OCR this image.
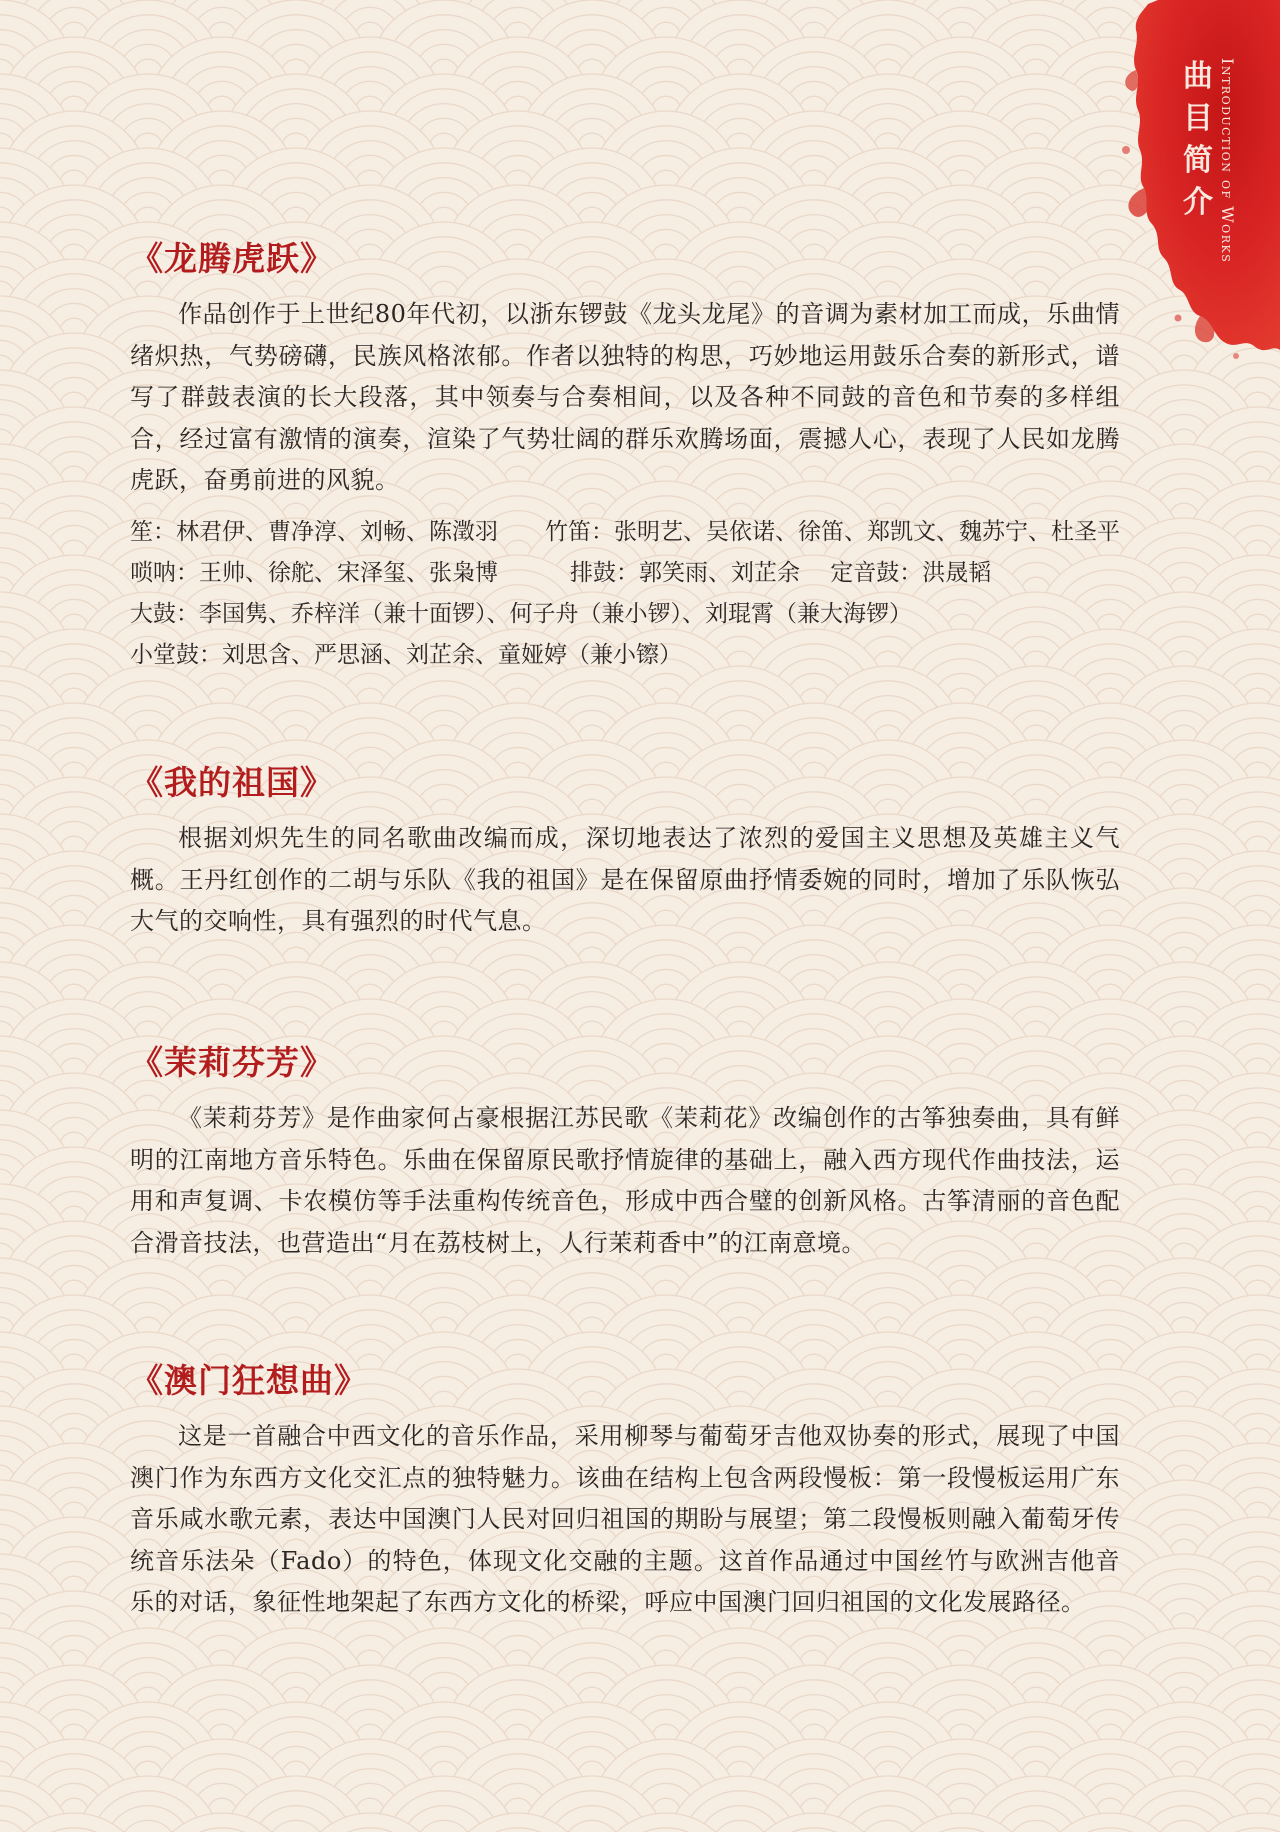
曲
目
简
介 Introduction of Works
《龙腾虎跃》

作品创作于上世纪80年代初，以浙东锣鼓《龙头龙尾》的音调为素材加工而成，乐曲情绪炽热，气势磅礴，民族风格浓郁。作者以独特的构思，巧妙地运用鼓乐合奏的新形式，谱写了群鼓表演的长大段落，其中领奏与合奏相间，以及各种不同鼓的音色和节奏的多样组合，经过富有激情的演奏，渲染了气势壮阔的群乐欢腾场面，震撼人心，表现了人民如龙腾虎跃，奋勇前进的风貌。

笙：林君伊、曹净淳、刘畅、陈澂羽	竹笛：张明艺、吴依诺、徐笛、郑凯文、魏苏宁、杜圣平
唢呐：王帅、徐舵、宋泽玺、张枭博	排鼓：郭笑雨、刘芷余　 定音鼓：洪晟韬
大鼓：李国隽、乔梓洋（兼十面锣）、何子舟（兼小锣）、刘琨霄（兼大海锣）
小堂鼓：刘思含、严思涵、刘芷余、童娅婷（兼小镲）
《我的祖国》

根据刘炽先生的同名歌曲改编而成，深切地表达了浓烈的爱国主义思想及英雄主义气概。王丹红创作的二胡与乐队《我的祖国》是在保留原曲抒情委婉的同时，增加了乐队恢弘大气的交响性，具有强烈的时代气息。

《茉莉芬芳》

《茉莉芬芳》是作曲家何占豪根据江苏民歌《茉莉花》改编创作的古筝独奏曲，具有鲜明的江南地方音乐特色。乐曲在保留原民歌抒情旋律的基础上，融入西方现代作曲技法，运用和声复调、卡农模仿等手法重构传统音色，形成中西合璧的创新风格。古筝清丽的音色配合滑音技法，也营造出“月在荔枝树上，人行茉莉香中”的江南意境。

《澳门狂想曲》

这是一首融合中西文化的音乐作品，采用柳琴与葡萄牙吉他双协奏的形式，展现了中国澳门作为东西方文化交汇点的独特魅力。该曲在结构上包含两段慢板：第一段慢板运用广东音乐咸水歌元素，表达中国澳门人民对回归祖国的期盼与展望；第二段慢板则融入葡萄牙传统音乐法朵（Fado）的特色，体现文化交融的主题。这首作品通过中国丝竹与欧洲吉他音乐的对话，象征性地架起了东西方文化的桥梁，呼应中国澳门回归祖国的文化发展路径。
